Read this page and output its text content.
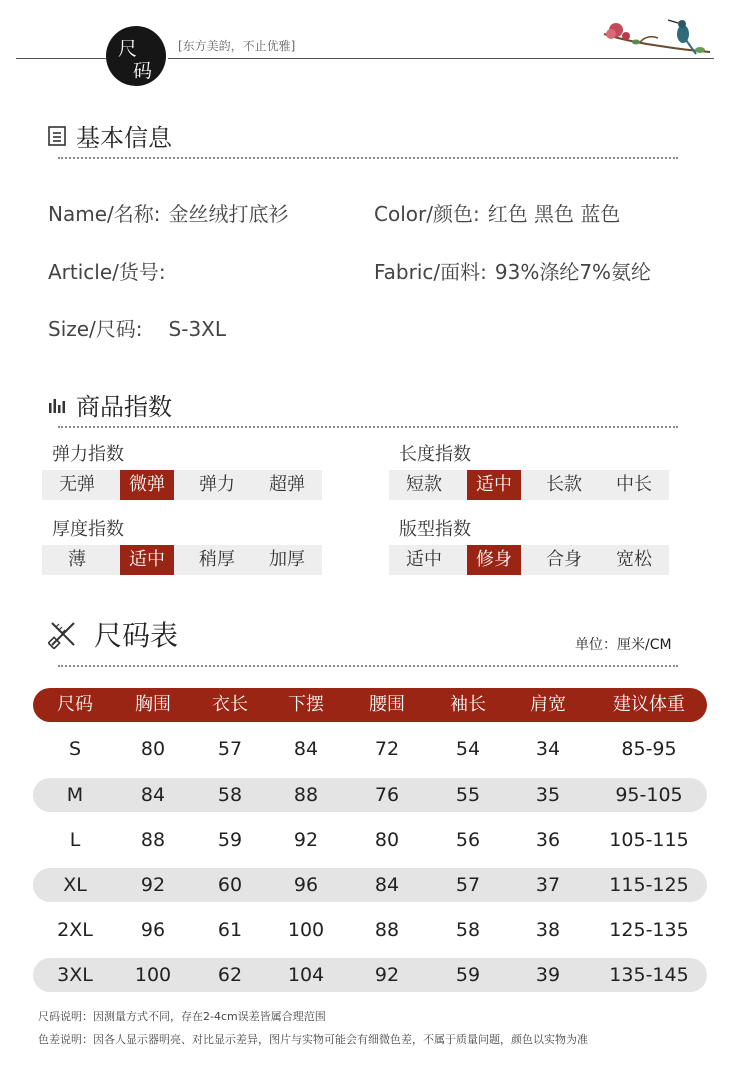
尺
码
[东方美韵，不止优雅]
基本信息
Name/名称: 金丝绒打底衫	Color/颜色: 红色 黑色 蓝色
Article/货号:	Fabric/面料: 93%涤纶7%氨纶
Size/尺码: S-3XL
商品指数
弹力指数
无弹	微弹	弹力	超弹
长度指数
短款	适中	长款	中长
厚度指数
薄	适中	稍厚	加厚
版型指数
适中	修身	合身	宽松
尺码表	单位：厘米/CM
尺码 胸围 衣长 下摆	腰围	袖长 肩宽	建议体重
S	80	57	84	72	54	34	85-95
M	84	58	88	76	55	35	95-105
L	88	59	92	80	56	36	105-115
XL	92	60	96	84	57	37	115-125
2XL	96	61 100	88	58	38	125-135
3XL 100 62 104	92	59	39	135-145
尺码说明：因测量方式不同，存在2-4cm误差皆属合理范围
色差说明：因各人显示器明亮、对比显示差异，图片与实物可能会有细微色差，不属于质量问题，颜色以实物为准
